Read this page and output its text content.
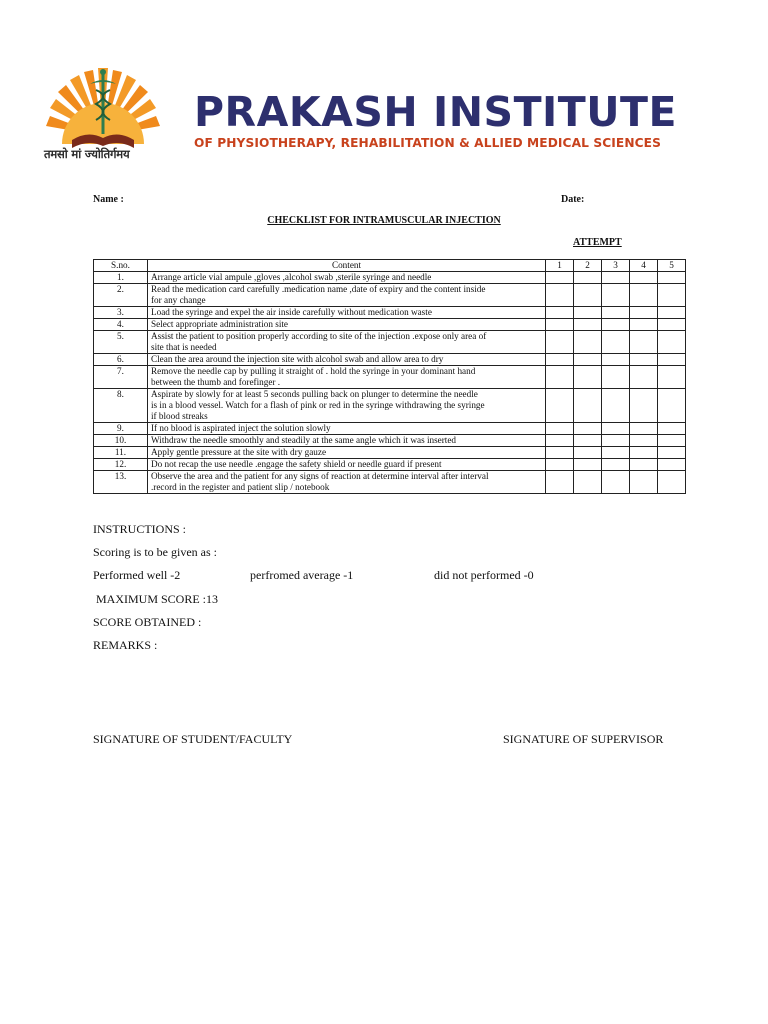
तमसो मां ज्योतिर्गमय
PRAKASH INSTITUTE
OF PHYSIOTHERAPY, REHABILITATION & ALLIED MEDICAL SCIENCES
Name :	Date:
CHECKLIST FOR INTRAMUSCULAR INJECTION
ATTEMPT
S.no.	Content	1	2	3	4	5
1.	Arrange article vial ampule ,gloves ,alcohol swab ,sterile syringe and needle					

2.	Read the medication card carefully .medication name ,date of expiry and the content inside
for any change					

3.	Load the syringe and expel the air inside carefully without medication waste					

4.	Select appropriate administration site					

5.	Assist the patient to position properly according to site of the injection .expose only area of
site that is needed					

6.	Clean the area around the injection site with alcohol swab and allow area to dry					

7.	Remove the needle cap by pulling it straight of . hold the syringe in your dominant hand
between the thumb and forefinger .					

8.	Aspirate by slowly for at least 5 seconds pulling back on plunger to determine the needle
is in a blood vessel. Watch for a flash of pink or red in the syringe withdrawing the syringe
if blood streaks					

9.	If no blood is aspirated inject the solution slowly					

10.	Withdraw the needle smoothly and steadily at the same angle which it was inserted					

11.	Apply gentle pressure at the site with dry gauze					

12.	Do not recap the use needle .engage the safety shield or needle guard if present					

13.	Observe the area and the patient for any signs of reaction at determine interval after interval
.record in the register and patient slip / notebook					

INSTRUCTIONS :
Scoring is to be given as :
Performed well -2	perfromed average -1	did not performed -0
MAXIMUM SCORE :13
SCORE OBTAINED :
REMARKS :
SIGNATURE OF STUDENT/FACULTY	SIGNATURE OF SUPERVISOR
